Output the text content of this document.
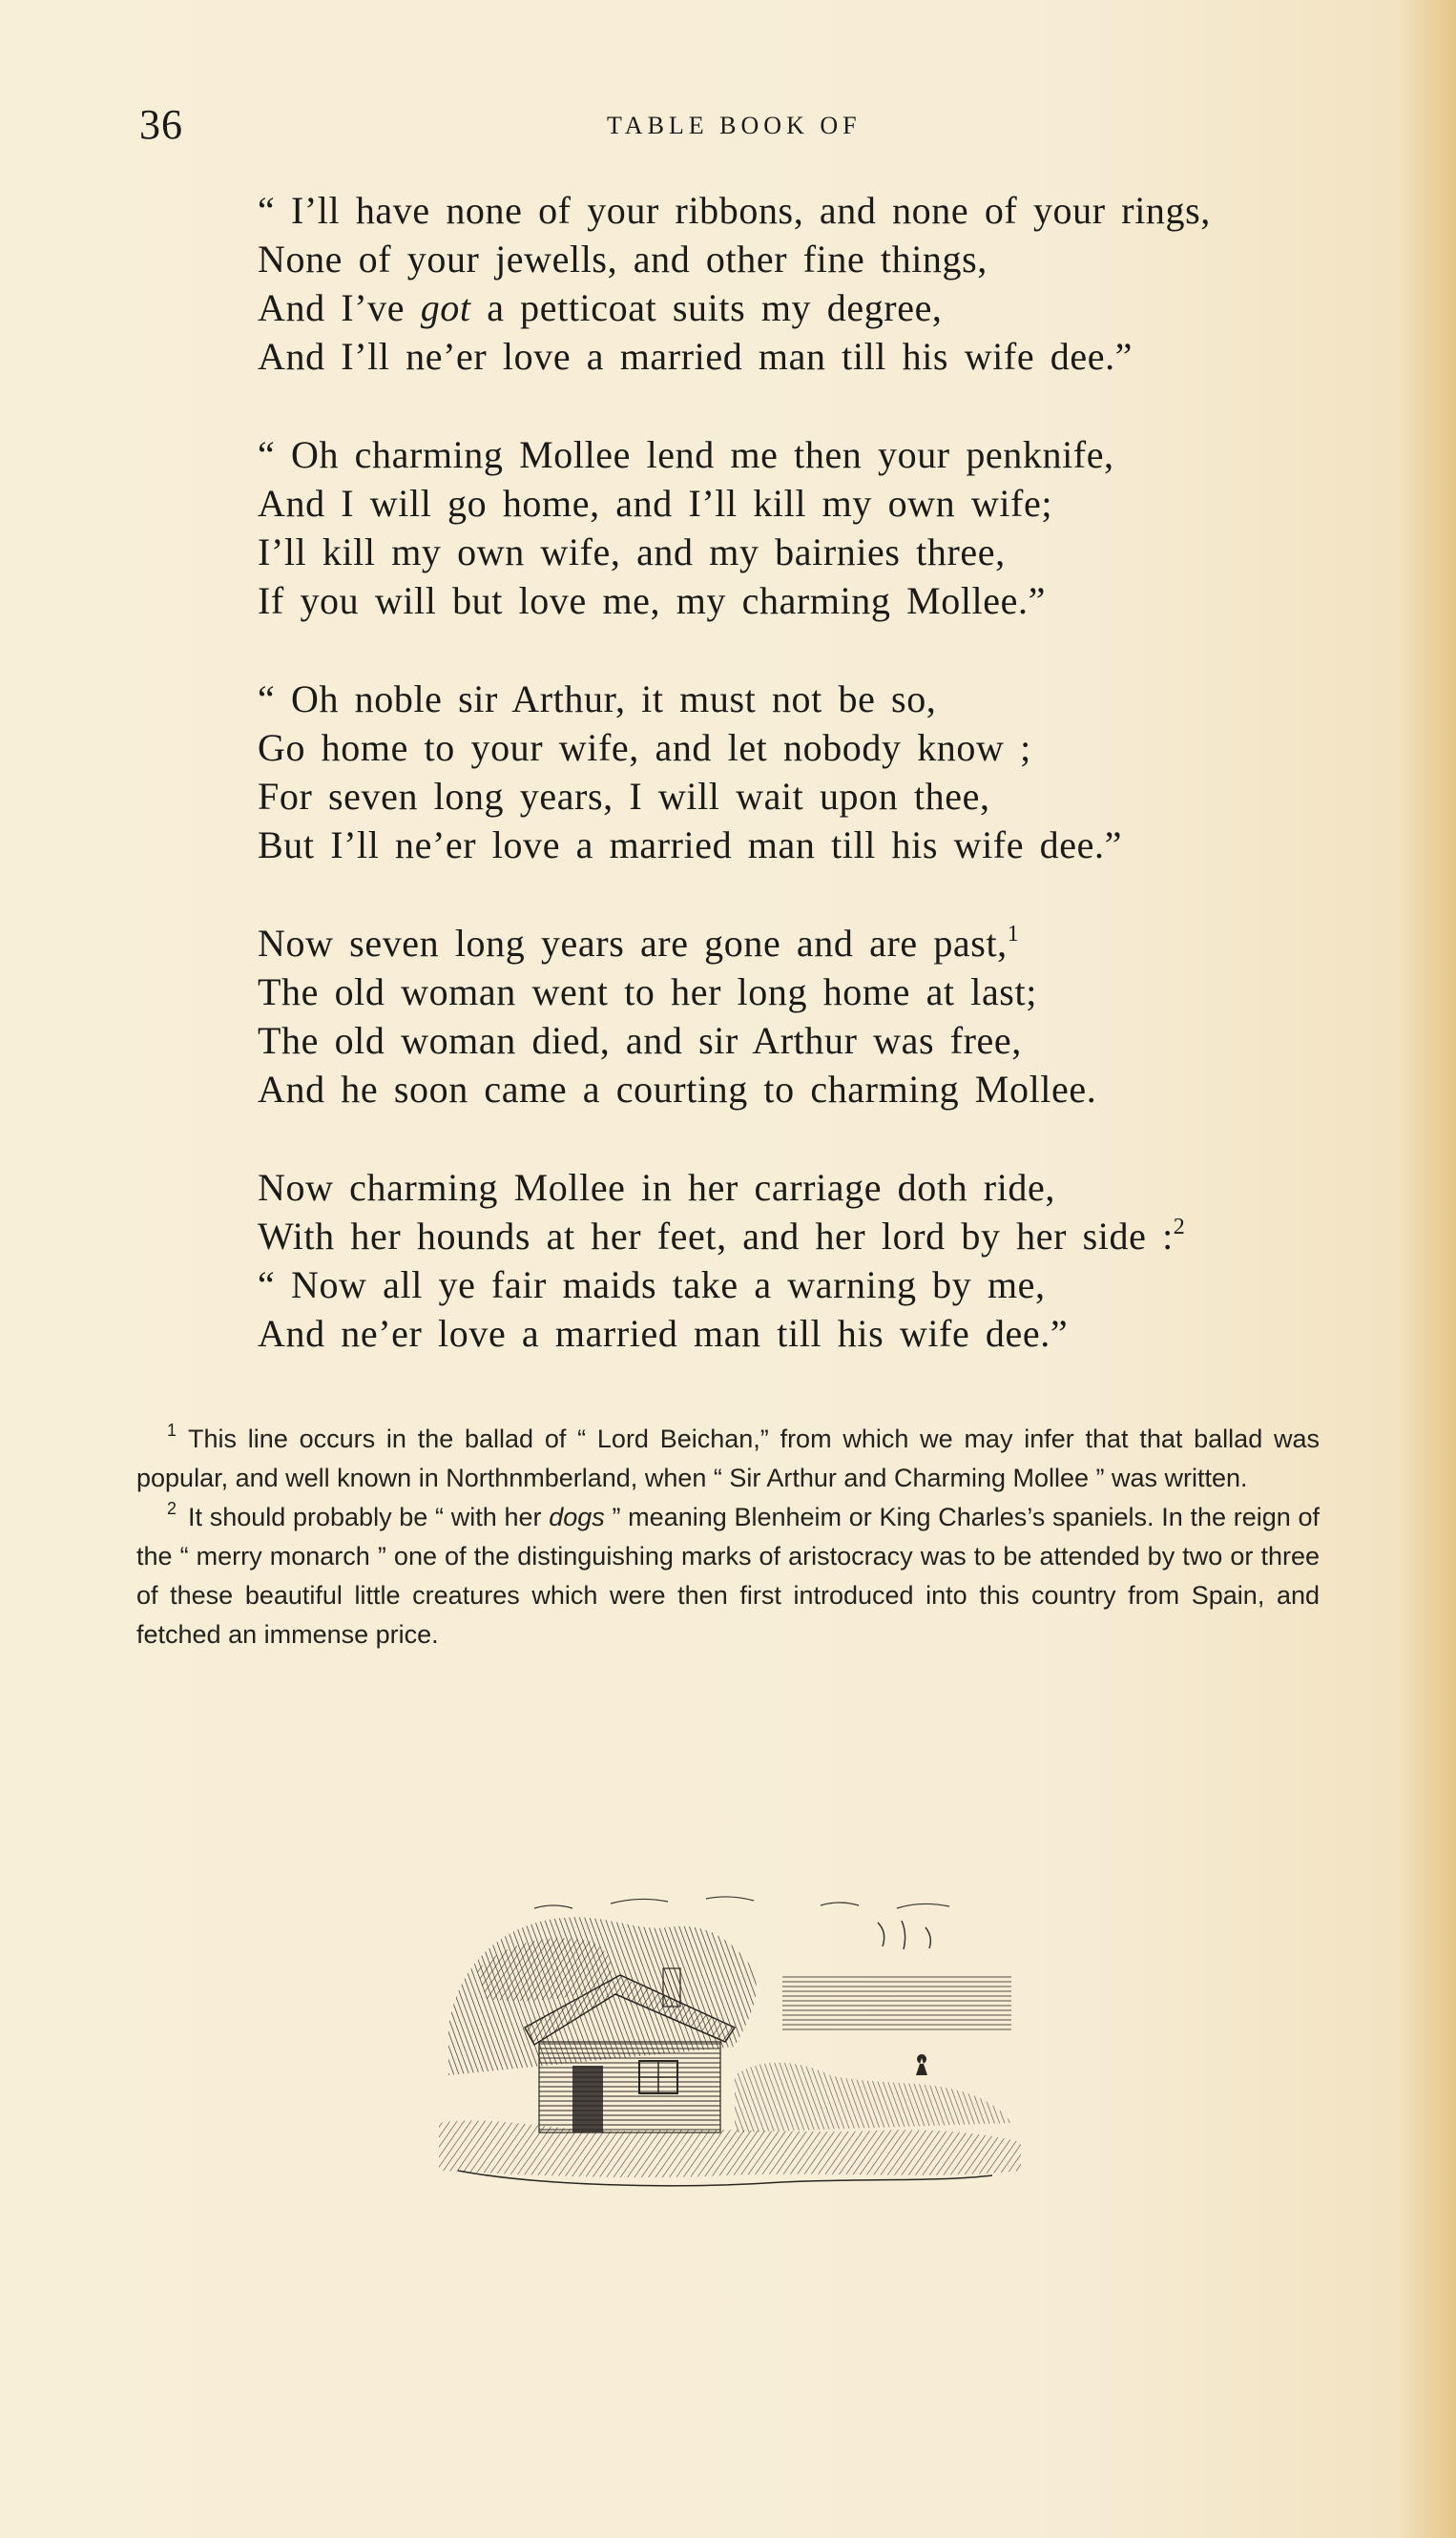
36	TABLE BOOK OF
“ I’ll have none of your ribbons, and none of your rings,
None of your jewells, and other fine things,
And I’ve got a petticoat suits my degree,
And I’ll ne’er love a married man till his wife dee.”
“ Oh charming Mollee lend me then your penknife,
And I will go home, and I’ll kill my own wife;
I’ll kill my own wife, and my bairnies three,
If you will but love me, my charming Mollee.”
“ Oh noble sir Arthur, it must not be so,
Go home to your wife, and let nobody know ;
For seven long years, I will wait upon thee,
But I’ll ne’er love a married man till his wife dee.”
Now seven long years are gone and are past,$^1$
The old woman went to her long home at last;
The old woman died, and sir Arthur was free,
And he soon came a courting to charming Mollee.
Now charming Mollee in her carriage doth ride,
With her hounds at her feet, and her lord by her side :$^2$
“ Now all ye fair maids take a warning by me,
And ne’er love a married man till his wife dee.”

$^1$ This line occurs in the ballad of “ Lord Beichan,” from which we may infer that that ballad was popular, and well known in Northnmberland, when “ Sir Arthur and Charming Mollee ” was written.

$^2$ It should probably be “ with her dogs ” meaning Blenheim or King Charles’s spaniels. In the reign of the “ merry monarch ” one of the distinguishing marks of aristocracy was to be attended by two or three of these beautiful little creatures which were then first introduced into this country from Spain, and fetched an immense price.
